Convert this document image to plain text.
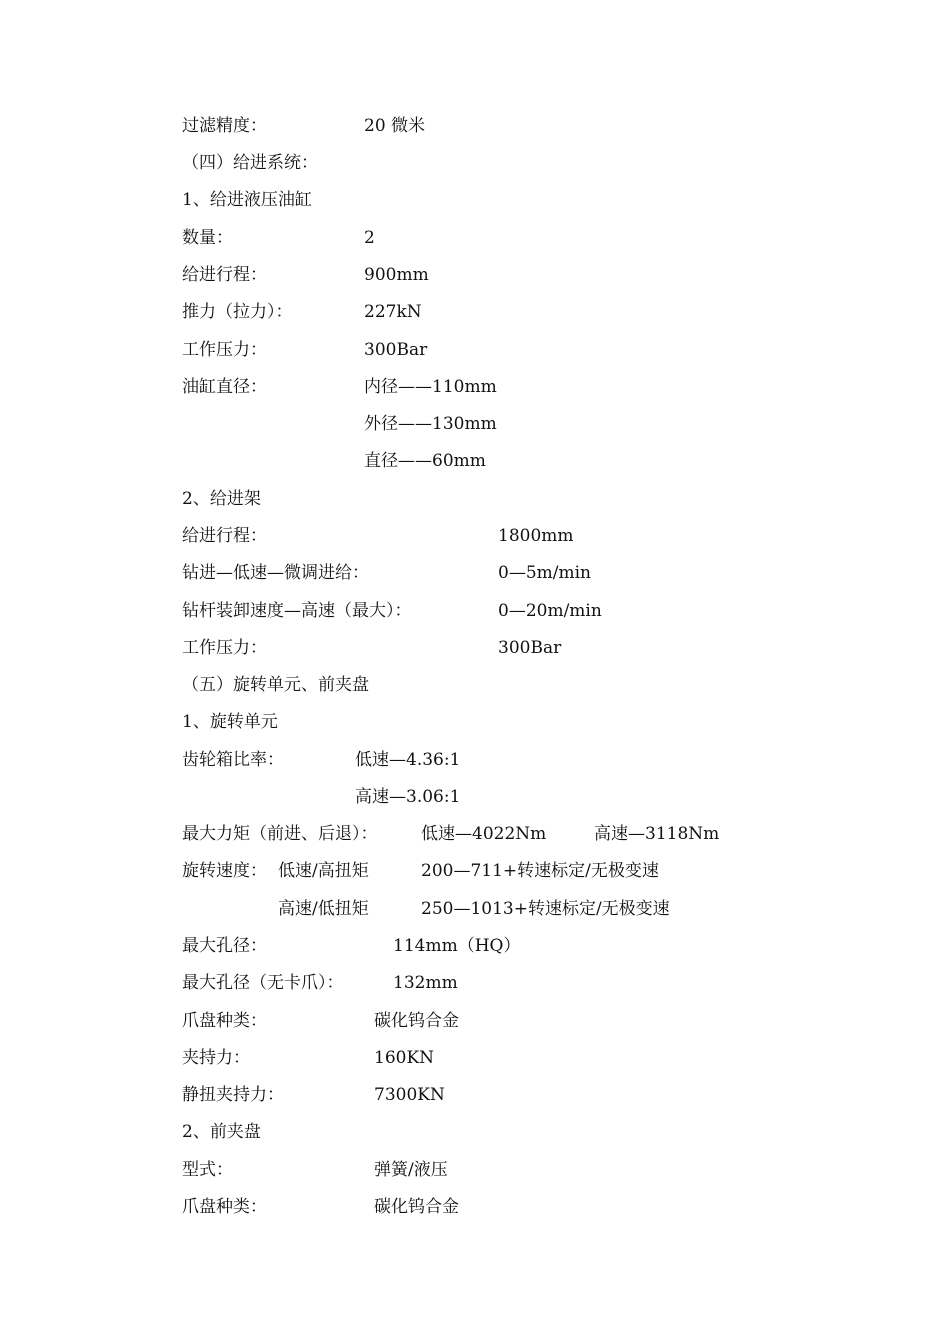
过滤精度：	20 微米
（四）给进系统：
1、给进液压油缸
数量：	2
给进行程：	900mm
推力（拉力）：	227kN
工作压力：	300Bar
油缸直径：	内径——110mm
外径——130mm
直径——60mm
2、给进架
给进行程：	1800mm
钻进—低速—微调进给：	0—5m/min
钻杆装卸速度—高速（最大）：	0—20m/min
工作压力：	300Bar
（五）旋转单元、前夹盘
1、旋转单元
齿轮箱比率：	低速—4.36:1
高速—3.06:1
最大力矩（前进、后退）：	低速—4022Nm	高速—3118Nm
旋转速度： 低速/高扭矩	200—711+转速标定/无极变速
高速/低扭矩	250—1013+转速标定/无极变速
最大孔径：	114mm（HQ）
最大孔径（无卡爪）：	132mm
爪盘种类：	碳化钨合金
夹持力：	160KN
静扭夹持力：	7300KN
2、前夹盘
型式：	弹簧/液压
爪盘种类：	碳化钨合金
